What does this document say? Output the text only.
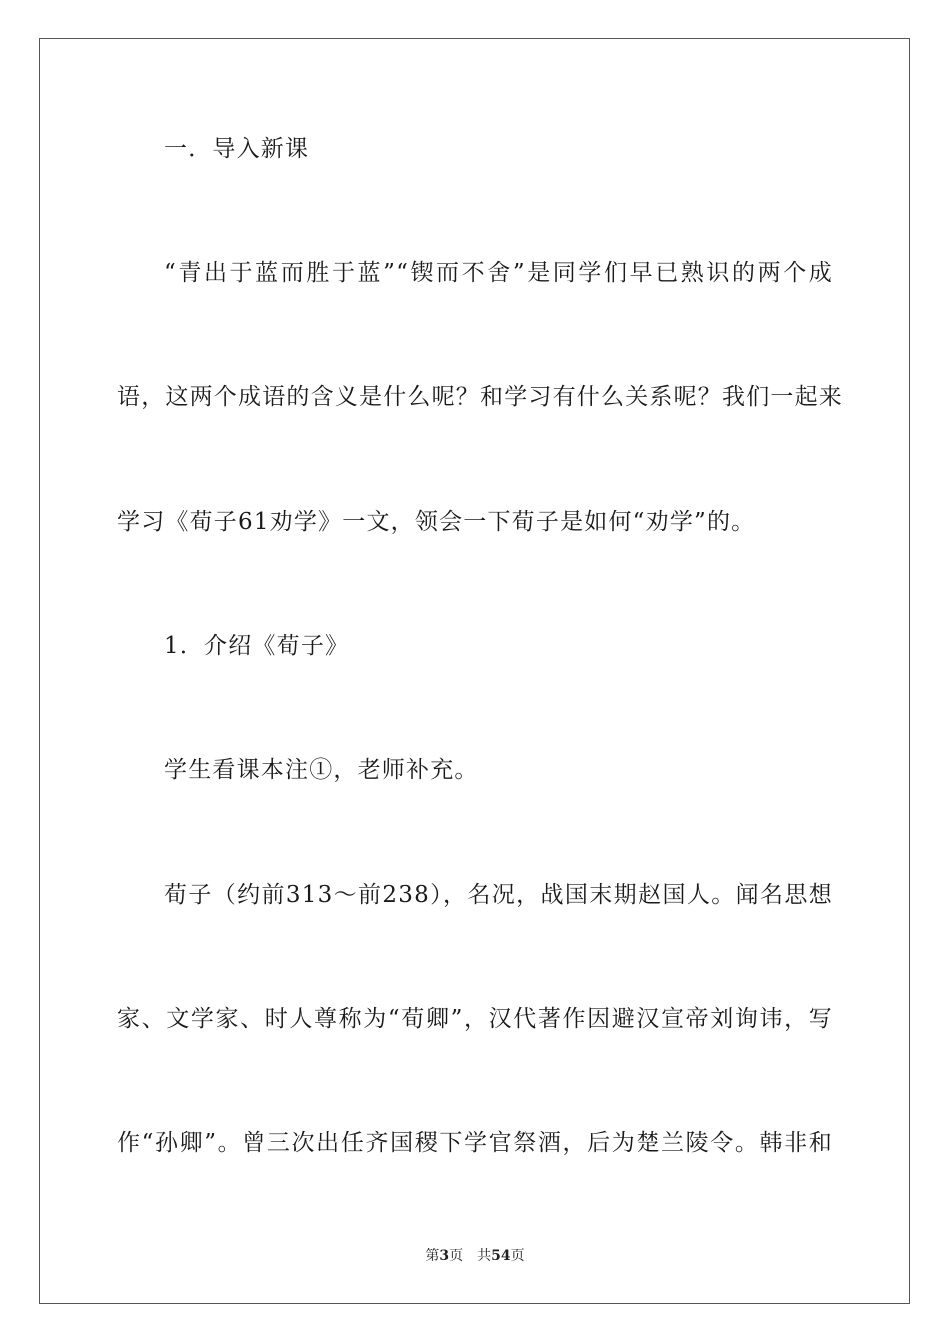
一．导入新课
“青出于蓝而胜于蓝”“锲而不舍”是同学们早已熟识的两个成
语，这两个成语的含义是什么呢？和学习有什么关系呢？我们一起来
学习《荀子61劝学》一文，领会一下荀子是如何“劝学”的。
1．介绍《荀子》
学生看课本注①，老师补充。
荀子（约前313～前238），名况，战国末期赵国人。闻名思想
家、文学家、时人尊称为“荀卿”，汉代著作因避汉宣帝刘询讳，写
作“孙卿”。曾三次出任齐国稷下学官祭酒，后为楚兰陵令。韩非和
第3页 共54页
